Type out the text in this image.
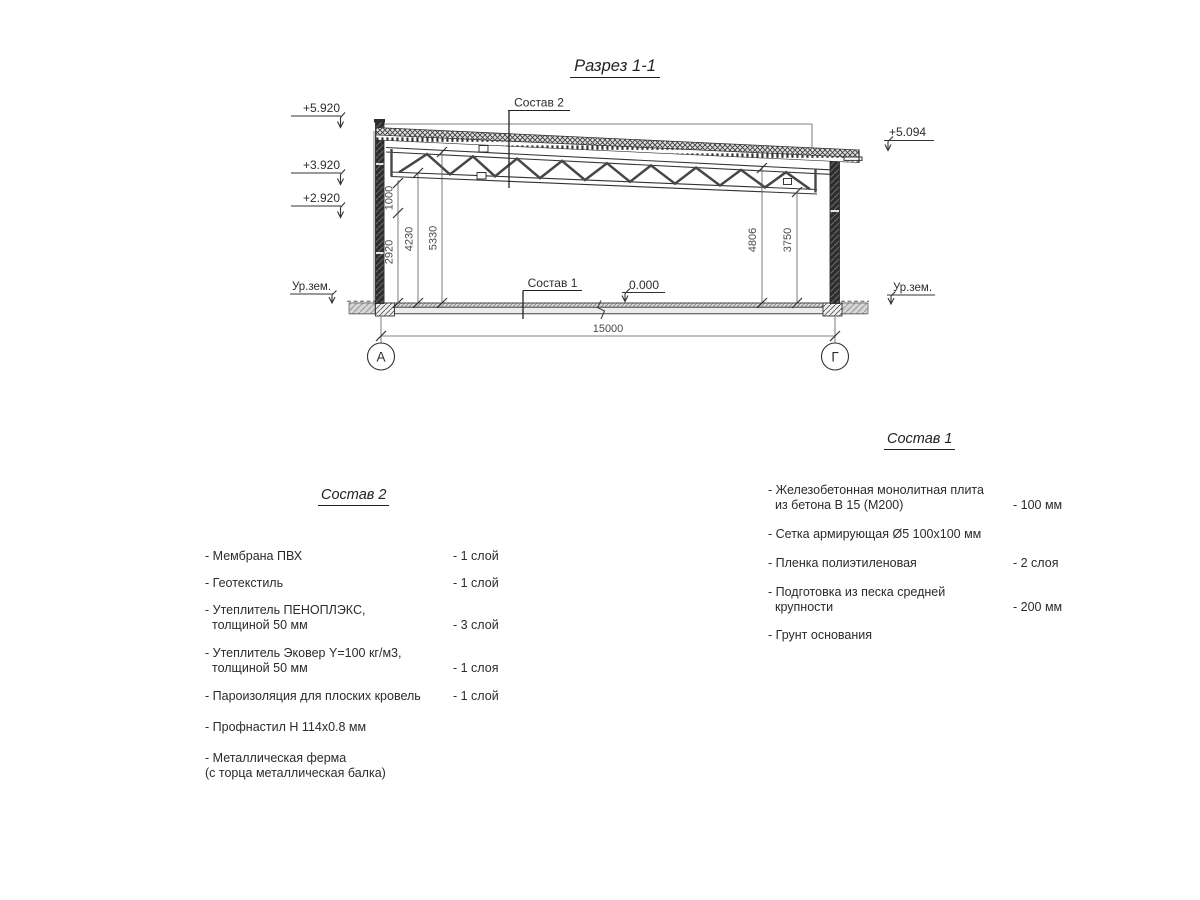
Состав 2
Состав 1
+5.920
+3.920
+2.920
+5.094
Ур.зем.	Ур.зем.
0.000
1000
2920
4230 5330	4806 3750
15000
А	Г
Разрез 1-1
Состав 2
- Мембрана ПВХ	- 1 слой
- Геотекстиль	- 1 слой
- Утеплитель ПЕНОПЛЭКС,
толщиной 50 мм	- 3 слой
- Утеплитель Эковер Y=100 кг/м3,
толщиной 50 мм	- 1 слоя
- Пароизоляция для плоских кровель	- 1 слой
- Профнастил Н 114х0.8 мм
- Металлическая ферма
(с торца металлическая балка)
Состав 1
- Железобетонная монолитная плита
из бетона В 15 (М200)	- 100 мм
- Сетка армирующая Ø5 100х100 мм
- Пленка полиэтиленовая	- 2 слоя
- Подготовка из песка средней
крупности	- 200 мм
- Грунт основания
